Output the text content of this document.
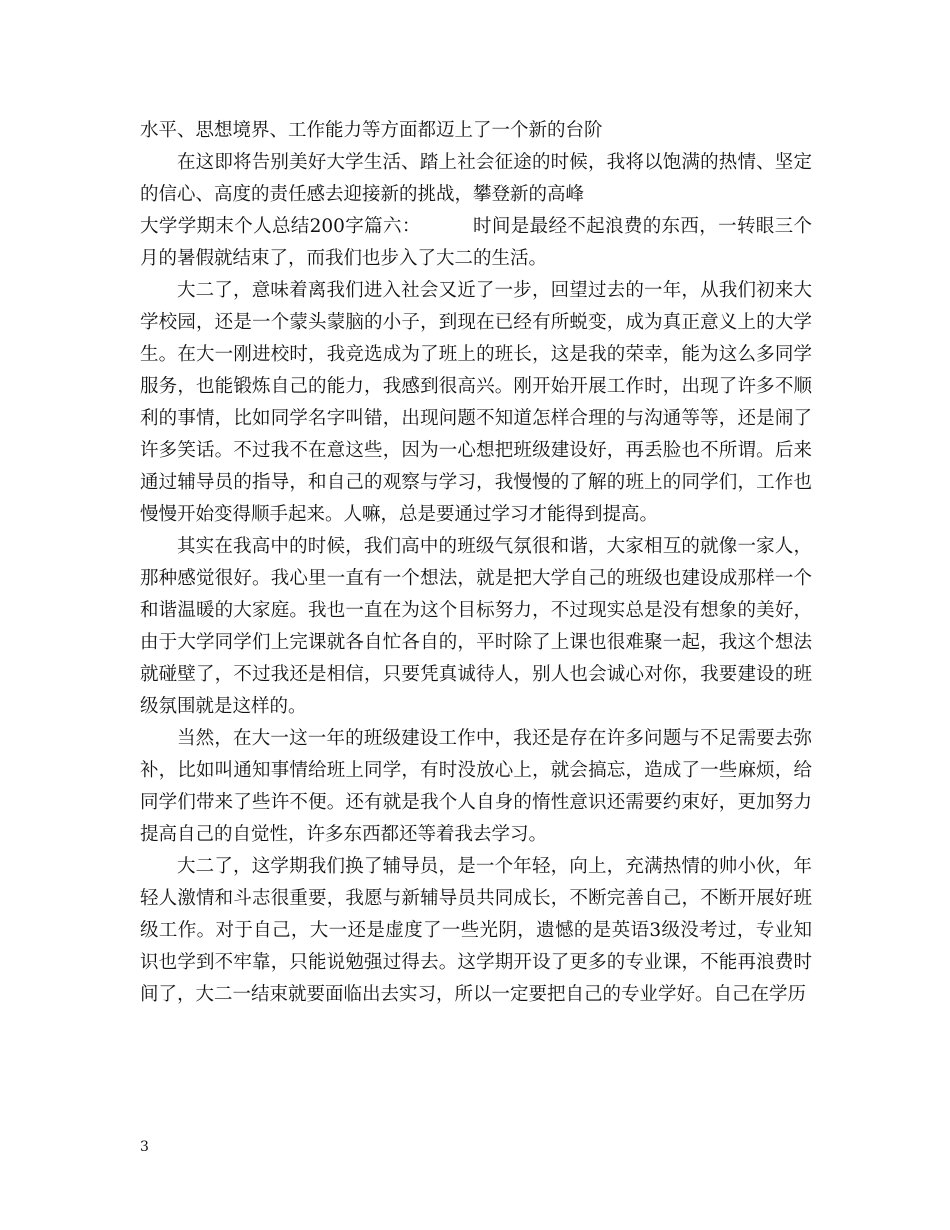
水平、思想境界、工作能力等方面都迈上了一个新的台阶

在这即将告别美好大学生活、踏上社会征途的时候，我将以饱满的热情、坚定的信心、高度的责任感去迎接新的挑战，攀登新的高峰

大学学期末个人总结200字篇六：	时间是最经不起浪费的东西，一转眼三个月的暑假就结束了，而我们也步入了大二的生活。

大二了，意味着离我们进入社会又近了一步，回望过去的一年，从我们初来大学校园，还是一个蒙头蒙脑的小子，到现在已经有所蜕变，成为真正意义上的大学生。在大一刚进校时，我竞选成为了班上的班长，这是我的荣幸，能为这么多同学服务，也能锻炼自己的能力，我感到很高兴。刚开始开展工作时，出现了许多不顺利的事情，比如同学名字叫错，出现问题不知道怎样合理的与沟通等等，还是闹了许多笑话。不过我不在意这些，因为一心想把班级建设好，再丢脸也不所谓。后来通过辅导员的指导，和自己的观察与学习，我慢慢的了解的班上的同学们，工作也慢慢开始变得顺手起来。人嘛，总是要通过学习才能得到提高。

其实在我高中的时候，我们高中的班级气氛很和谐，大家相互的就像一家人，那种感觉很好。我心里一直有一个想法，就是把大学自己的班级也建设成那样一个和谐温暖的大家庭。我也一直在为这个目标努力，不过现实总是没有想象的美好，由于大学同学们上完课就各自忙各自的，平时除了上课也很难聚一起，我这个想法就碰壁了，不过我还是相信，只要凭真诚待人，别人也会诚心对你，我要建设的班级氛围就是这样的。

当然，在大一这一年的班级建设工作中，我还是存在许多问题与不足需要去弥补，比如叫通知事情给班上同学，有时没放心上，就会搞忘，造成了一些麻烦，给同学们带来了些许不便。还有就是我个人自身的惰性意识还需要约束好，更加努力提高自己的自觉性，许多东西都还等着我去学习。

大二了，这学期我们换了辅导员，是一个年轻，向上，充满热情的帅小伙，年轻人激情和斗志很重要，我愿与新辅导员共同成长，不断完善自己，不断开展好班级工作。对于自己，大一还是虚度了一些光阴，遗憾的是英语3级没考过，专业知识也学到不牢靠，只能说勉强过得去。这学期开设了更多的专业课，不能再浪费时间了，大二一结束就要面临出去实习，所以一定要把自己的专业学好。自己在学历

3
